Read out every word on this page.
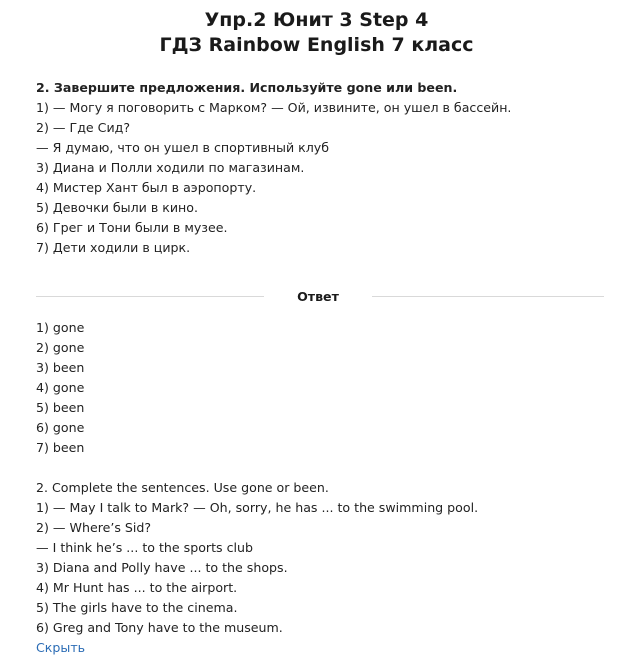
Упр.2 Юнит 3 Step 4
ГДЗ Rainbow English 7 класс
2. Завершите предложения. Используйте gone или been.
1) — Могу я поговорить с Марком? — Ой, извините, он ушел в бассейн.
2) — Где Сид?
— Я думаю, что он ушел в спортивный клуб
3) Диана и Полли ходили по магазинам.
4) Мистер Хант был в аэропорту.
5) Девочки были в кино.
6) Грег и Тони были в музее.
7) Дети ходили в цирк.
Ответ
1) gone
2) gone
3) been
4) gone
5) been
6) gone
7) been
2. Complete the sentences. Use gone or been.
1) — May I talk to Mark? — Oh, sorry, he has ... to the swimming pool.
2) — Where’s Sid?
— I think he’s ... to the sports club
3) Diana and Polly have ... to the shops.
4) Mr Hunt has ... to the airport.
5) The girls have to the cinema.
6) Greg and Tony have to the museum.
Скрыть
